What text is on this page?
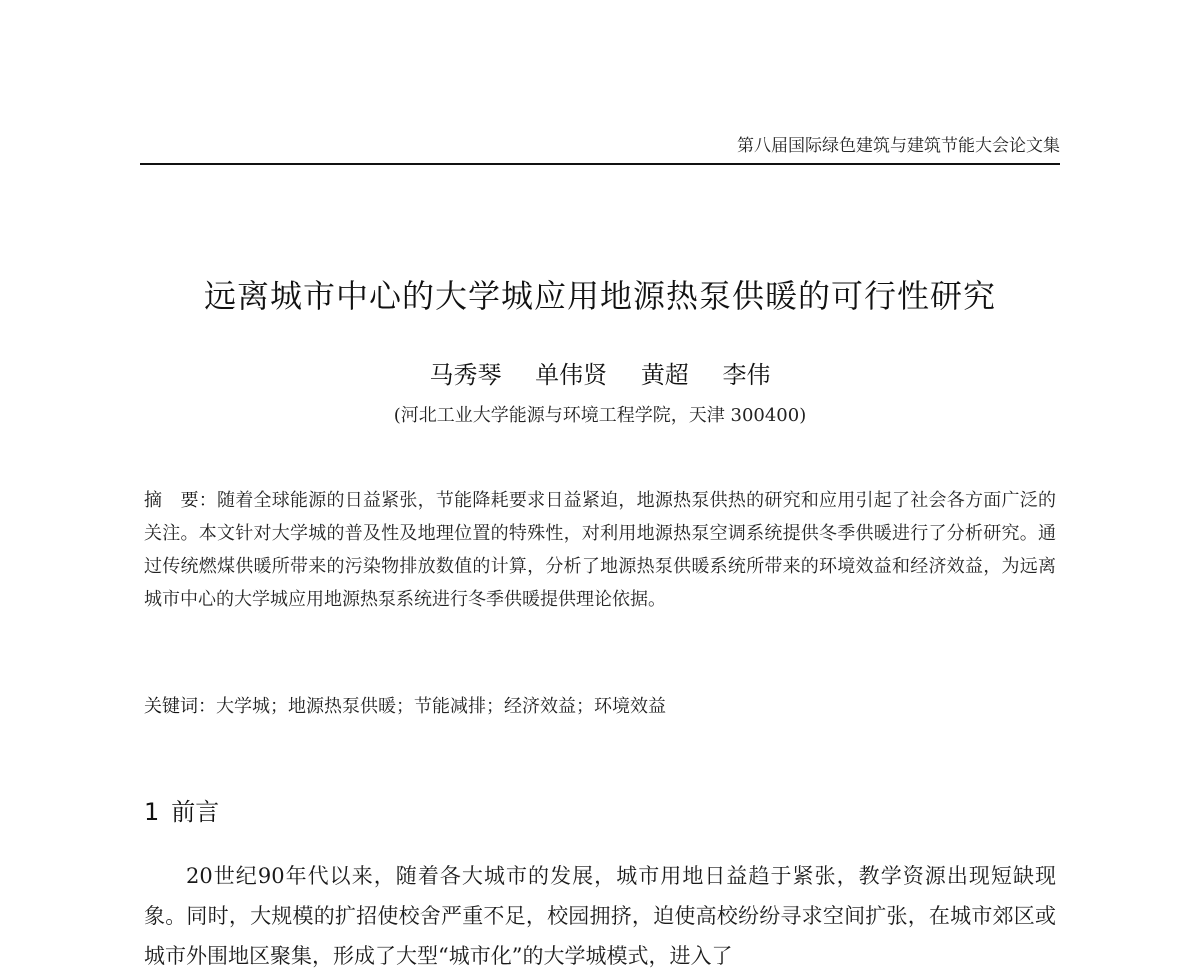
第八届国际绿色建筑与建筑节能大会论文集
远离城市中心的大学城应用地源热泵供暖的可行性研究
马秀琴 单伟贤 黄超 李伟
(河北工业大学能源与环境工程学院，天津 300400)
摘　要：随着全球能源的日益紧张，节能降耗要求日益紧迫，地源热泵供热的研究和应用引起了社会各方面广泛的关注。本文针对大学城的普及性及地理位置的特殊性，对利用地源热泵空调系统提供冬季供暖进行了分析研究。通过传统燃煤供暖所带来的污染物排放数值的计算，分析了地源热泵供暖系统所带来的环境效益和经济效益，为远离城市中心的大学城应用地源热泵系统进行冬季供暖提供理论依据。
关键词：大学城；地源热泵供暖；节能减排；经济效益；环境效益
1 前言
20世纪90年代以来，随着各大城市的发展，城市用地日益趋于紧张，教学资源出现短缺现象。同时，大规模的扩招使校舍严重不足，校园拥挤，迫使高校纷纷寻求空间扩张，在城市郊区或城市外围地区聚集，形成了大型“城市化”的大学城模式，进入了
